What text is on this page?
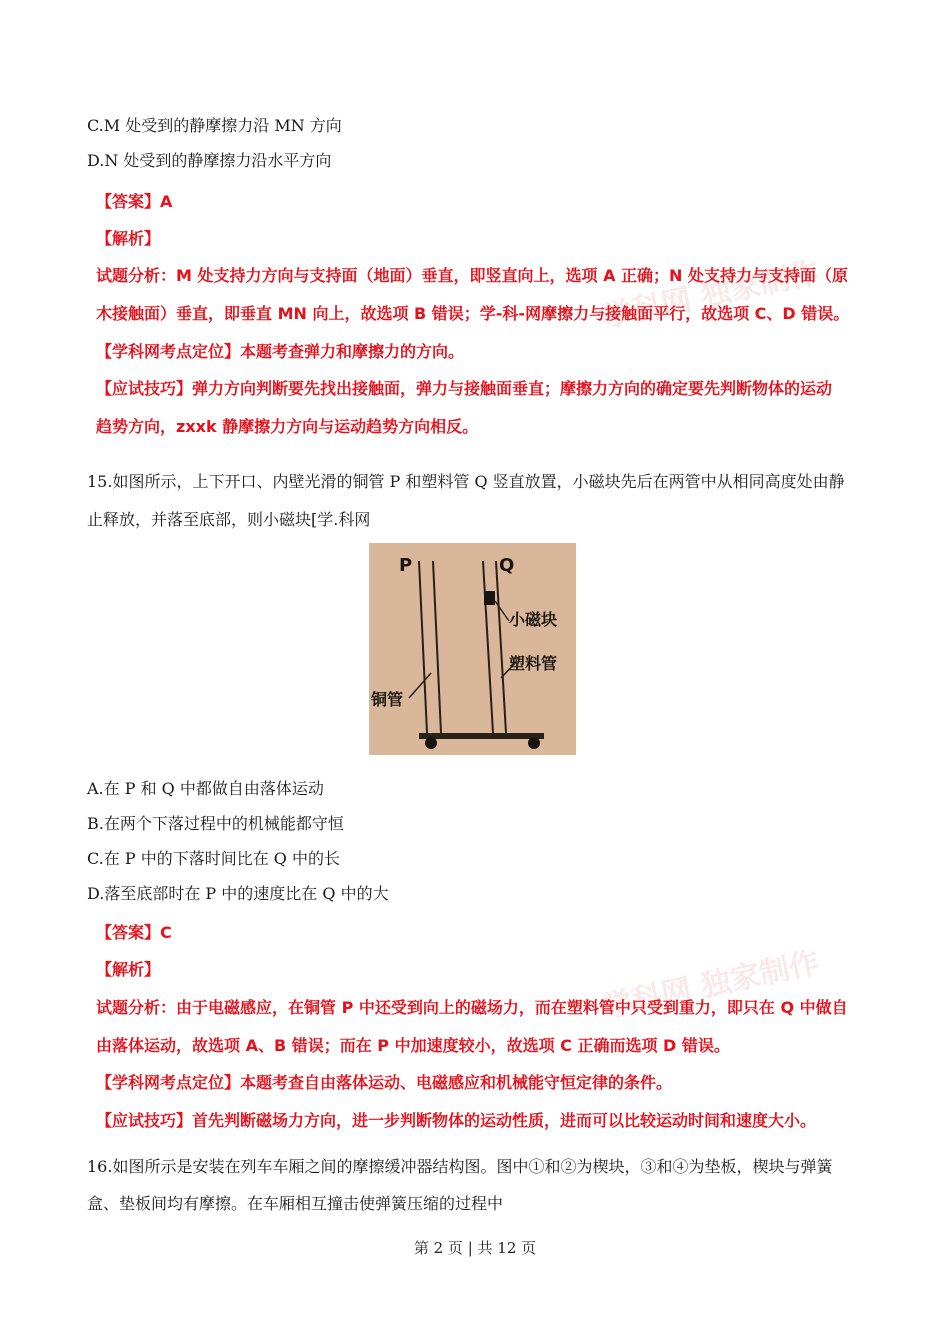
学科网 独家制作
学科网 独家制作
C.M 处受到的静摩擦力沿 MN 方向
D.N 处受到的静摩擦力沿水平方向
【答案】A
【解析】
试题分析：M 处支持力方向与支持面（地面）垂直，即竖直向上，选项 A 正确；N 处支持力与支持面（原
木接触面）垂直，即垂直 MN 向上，故选项 B 错误；学-科-网摩擦力与接触面平行，故选项 C、D 错误。
【学科网考点定位】本题考查弹力和摩擦力的方向。
【应试技巧】弹力方向判断要先找出接触面，弹力与接触面垂直；摩擦力方向的确定要先判断物体的运动
趋势方向，zxxk 静摩擦力方向与运动趋势方向相反。
15.如图所示，上下开口、内壁光滑的铜管 P 和塑料管 Q 竖直放置，小磁块先后在两管中从相同高度处由静
止释放，并落至底部，则小磁块[学.科网
P	Q
小磁块
塑料管
铜管
A.在 P 和 Q 中都做自由落体运动
B.在两个下落过程中的机械能都守恒
C.在 P 中的下落时间比在 Q 中的长
D.落至底部时在 P 中的速度比在 Q 中的大
【答案】C
【解析】
试题分析：由于电磁感应，在铜管 P 中还受到向上的磁场力，而在塑料管中只受到重力，即只在 Q 中做自
由落体运动，故选项 A、B 错误；而在 P 中加速度较小，故选项 C 正确而选项 D 错误。
【学科网考点定位】本题考查自由落体运动、电磁感应和机械能守恒定律的条件。
【应试技巧】首先判断磁场力方向，进一步判断物体的运动性质，进而可以比较运动时间和速度大小。
16.如图所示是安装在列车车厢之间的摩擦缓冲器结构图。图中①和②为楔块，③和④为垫板，楔块与弹簧
盒、垫板间均有摩擦。在车厢相互撞击使弹簧压缩的过程中
第 2 页 | 共 12 页
